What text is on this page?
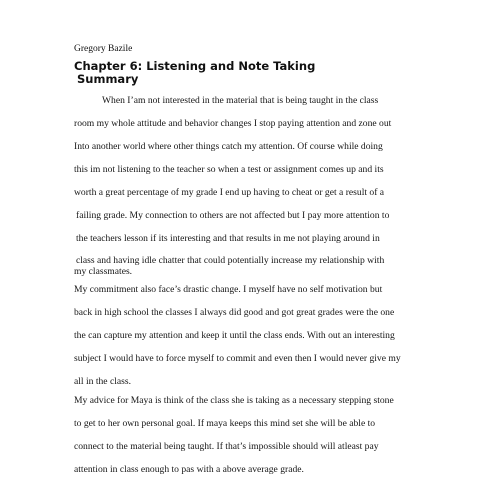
Gregory Bazile
Chapter 6: Listening and Note Taking
Summary
When I’am not interested in the material that is being taught in the class
room my whole attitude and behavior changes I stop paying attention and zone out
Into another world where other things catch my attention. Of course while doing
this im not listening to the teacher so when a test or assignment comes up and its
worth a great percentage of my grade I end up having to cheat or get a result of a
failing grade. My connection to others are not affected but I pay more attention to
the teachers lesson if its interesting and that results in me not playing around in
class and having idle chatter that could potentially increase my relationship with
my classmates.
My commitment also face’s drastic change. I myself have no self motivation but
back in high school the classes I always did good and got great grades were the one
the can capture my attention and keep it until the class ends. With out an interesting
subject I would have to force myself to commit and even then I would never give my
all in the class.
My advice for Maya is think of the class she is taking as a necessary stepping stone
to get to her own personal goal. If maya keeps this mind set she will be able to
connect to the material being taught. If that’s impossible should will atleast pay
attention in class enough to pas with a above average grade.
